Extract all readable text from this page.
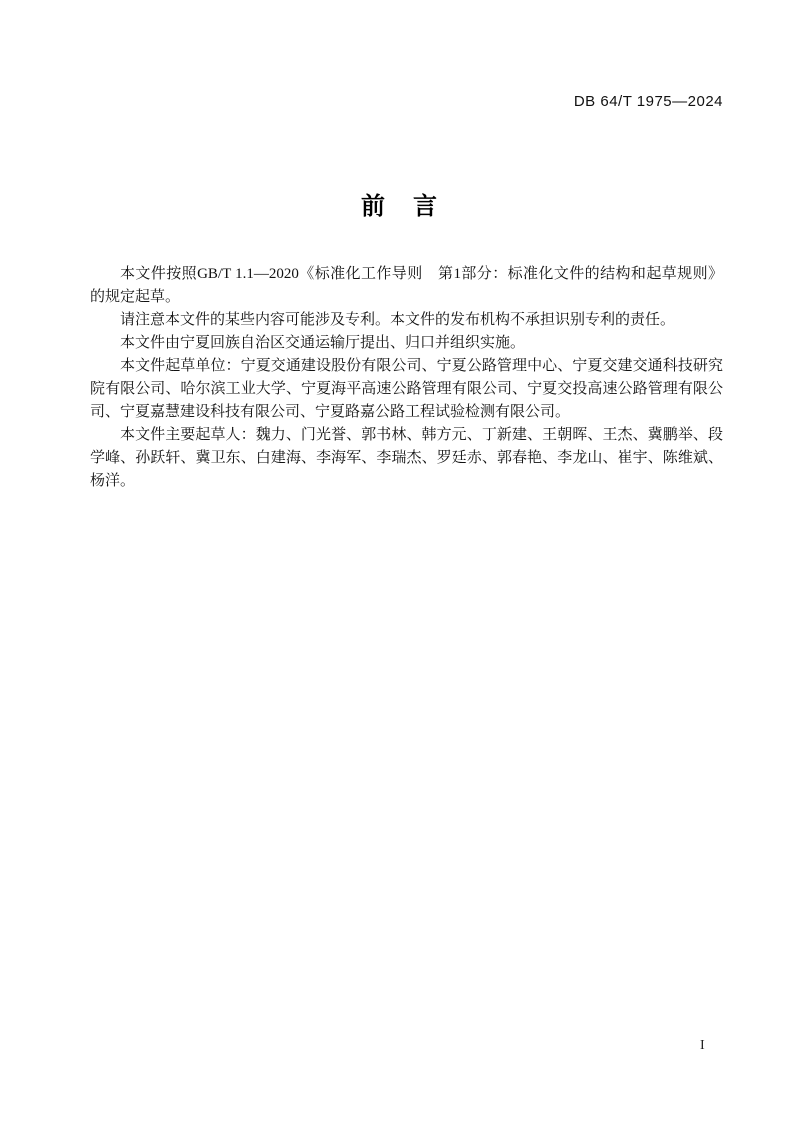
DB 64/T 1975—2024
前　言

本文件按照GB/T 1.1—2020《标准化工作导则　第1部分：标准化文件的结构和起草规则》的规定起草。

请注意本文件的某些内容可能涉及专利。本文件的发布机构不承担识别专利的责任。

本文件由宁夏回族自治区交通运输厅提出、归口并组织实施。

本文件起草单位：宁夏交通建设股份有限公司、宁夏公路管理中心、宁夏交建交通科技研究院有限公司、哈尔滨工业大学、宁夏海平高速公路管理有限公司、宁夏交投高速公路管理有限公司、宁夏嘉慧建设科技有限公司、宁夏路嘉公路工程试验检测有限公司。

本文件主要起草人：魏力、门光誉、郭书林、韩方元、丁新建、王朝晖、王杰、冀鹏举、段学峰、孙跃轩、冀卫东、白建海、李海军、李瑞杰、罗廷赤、郭春艳、李龙山、崔宇、陈维斌、杨洋。

I
